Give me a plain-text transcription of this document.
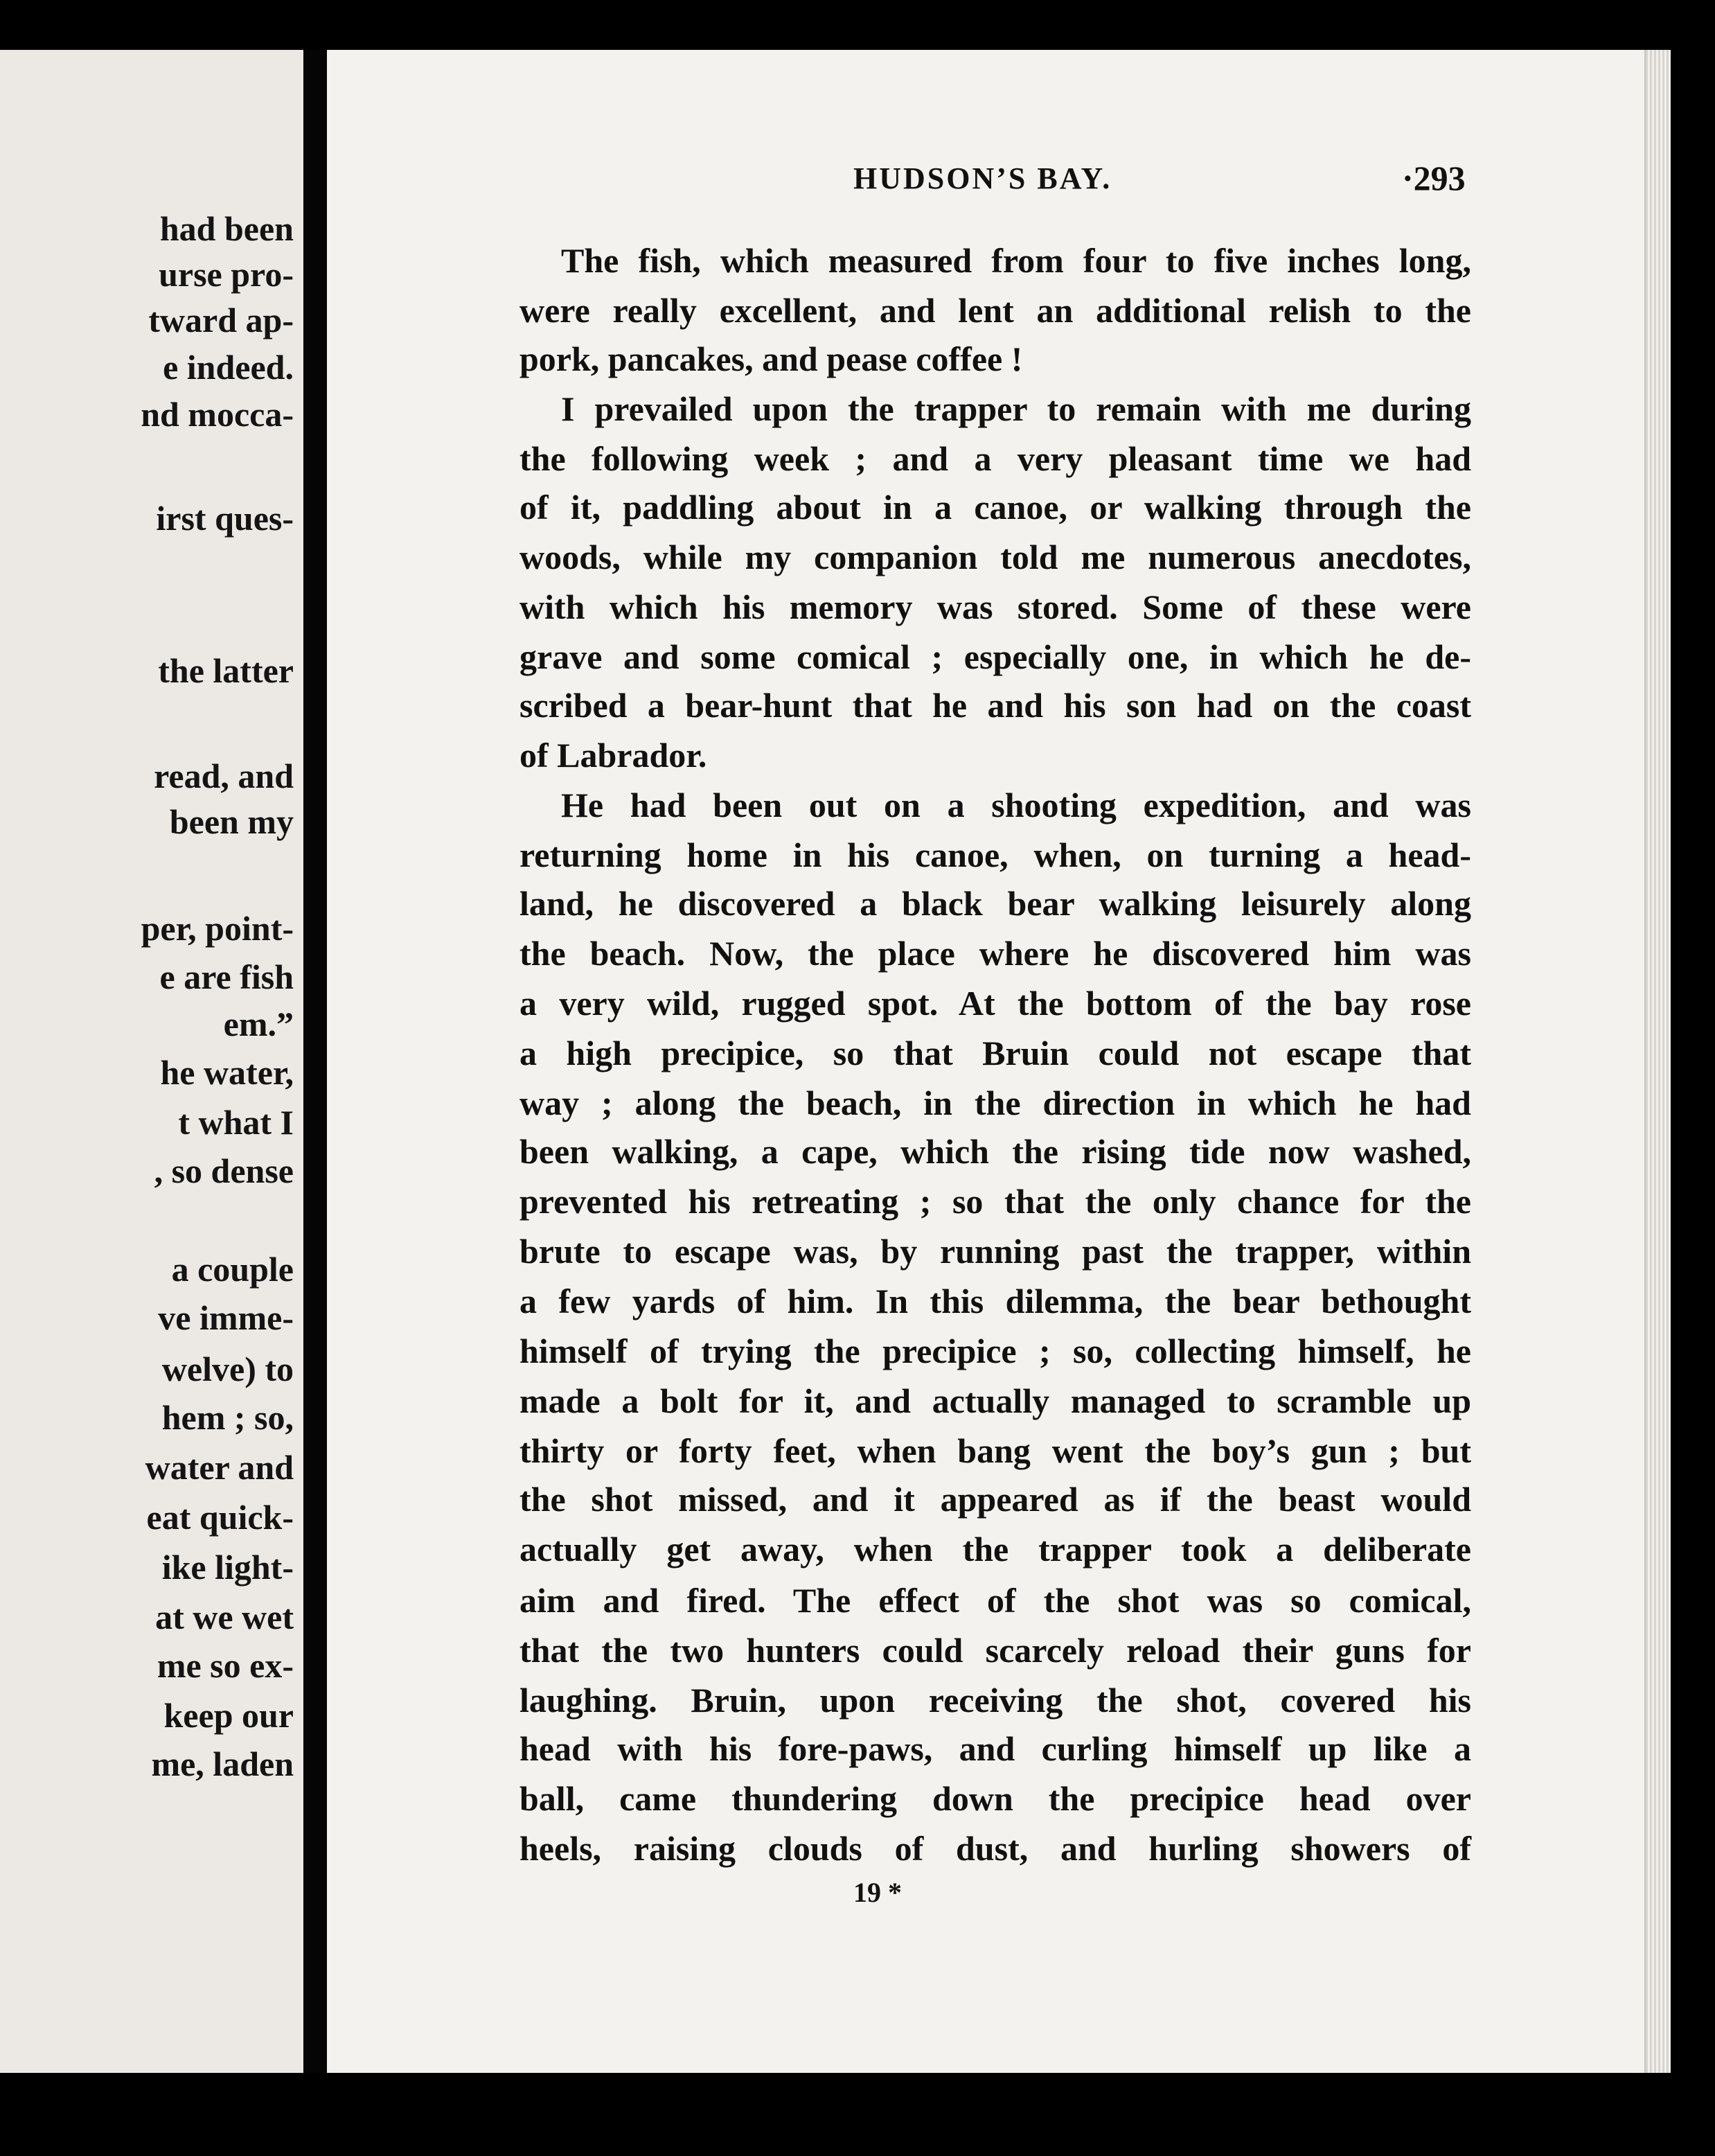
had been
urse pro-
tward ap-
e indeed.
nd mocca-
irst ques-
the latter
read, and
been my
per, point-
e are fish
em.”
he water,
t what I
, so dense
a couple
ve imme-
welve) to
hem ; so,
water and
eat quick-
ike light-
at we wet
me so ex-
keep our
me, laden
HUDSON’S BAY.	·293
The fish, which measured from four to five inches long,
were really excellent, and lent an additional relish to the
pork, pancakes, and pease coffee !
I prevailed upon the trapper to remain with me during
the following week ; and a very pleasant time we had
of it, paddling about in a canoe, or walking through the
woods, while my companion told me numerous anecdotes,
with which his memory was stored. Some of these were
grave and some comical ; especially one, in which he de-
scribed a bear-hunt that he and his son had on the coast
of Labrador.
He had been out on a shooting expedition, and was
returning home in his canoe, when, on turning a head-
land, he discovered a black bear walking leisurely along
the beach. Now, the place where he discovered him was
a very wild, rugged spot. At the bottom of the bay rose
a high precipice, so that Bruin could not escape that
way ; along the beach, in the direction in which he had
been walking, a cape, which the rising tide now washed,
prevented his retreating ; so that the only chance for the
brute to escape was, by running past the trapper, within
a few yards of him. In this dilemma, the bear bethought
himself of trying the precipice ; so, collecting himself, he
made a bolt for it, and actually managed to scramble up
thirty or forty feet, when bang went the boy’s gun ; but
the shot missed, and it appeared as if the beast would
actually get away, when the trapper took a deliberate
aim and fired. The effect of the shot was so comical,
that the two hunters could scarcely reload their guns for
laughing. Bruin, upon receiving the shot, covered his
head with his fore-paws, and curling himself up like a
ball, came thundering down the precipice head over
heels, raising clouds of dust, and hurling showers of
19 *
